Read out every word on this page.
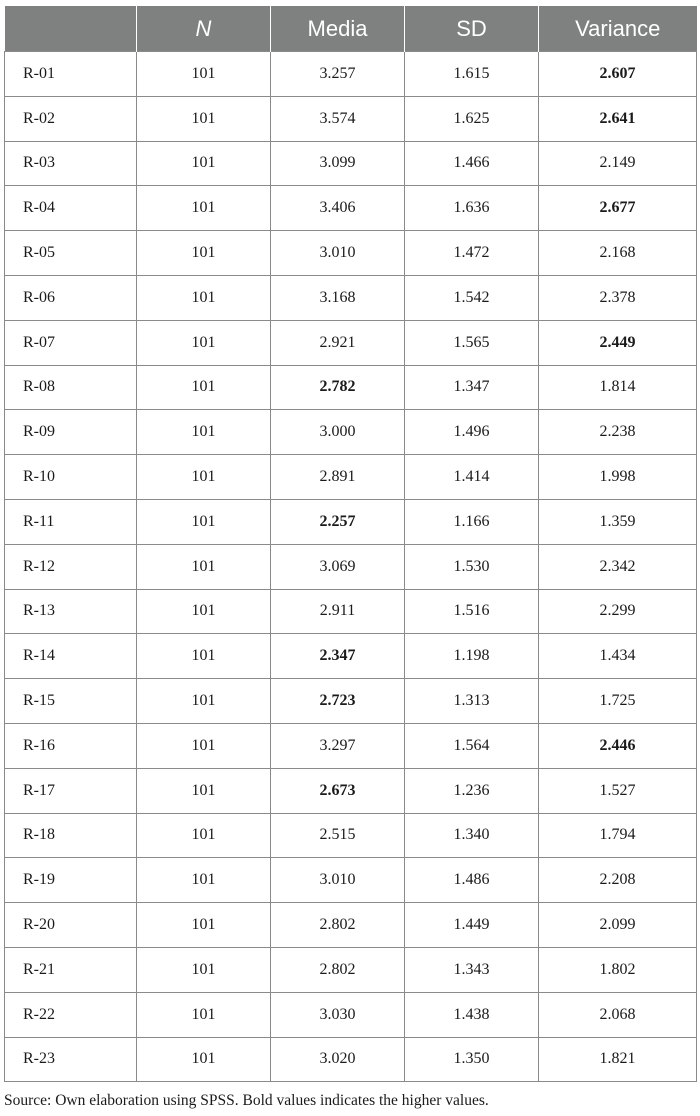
	N	Media	SD	Variance
R-01	101	3.257	1.615	2.607
R-02	101	3.574	1.625	2.641
R-03	101	3.099	1.466	2.149
R-04	101	3.406	1.636	2.677
R-05	101	3.010	1.472	2.168
R-06	101	3.168	1.542	2.378
R-07	101	2.921	1.565	2.449
R-08	101	2.782	1.347	1.814
R-09	101	3.000	1.496	2.238
R-10	101	2.891	1.414	1.998
R-11	101	2.257	1.166	1.359
R-12	101	3.069	1.530	2.342
R-13	101	2.911	1.516	2.299
R-14	101	2.347	1.198	1.434
R-15	101	2.723	1.313	1.725
R-16	101	3.297	1.564	2.446
R-17	101	2.673	1.236	1.527
R-18	101	2.515	1.340	1.794
R-19	101	3.010	1.486	2.208
R-20	101	2.802	1.449	2.099
R-21	101	2.802	1.343	1.802
R-22	101	3.030	1.438	2.068
R-23	101	3.020	1.350	1.821
Source: Own elaboration using SPSS. Bold values indicates the higher values.
